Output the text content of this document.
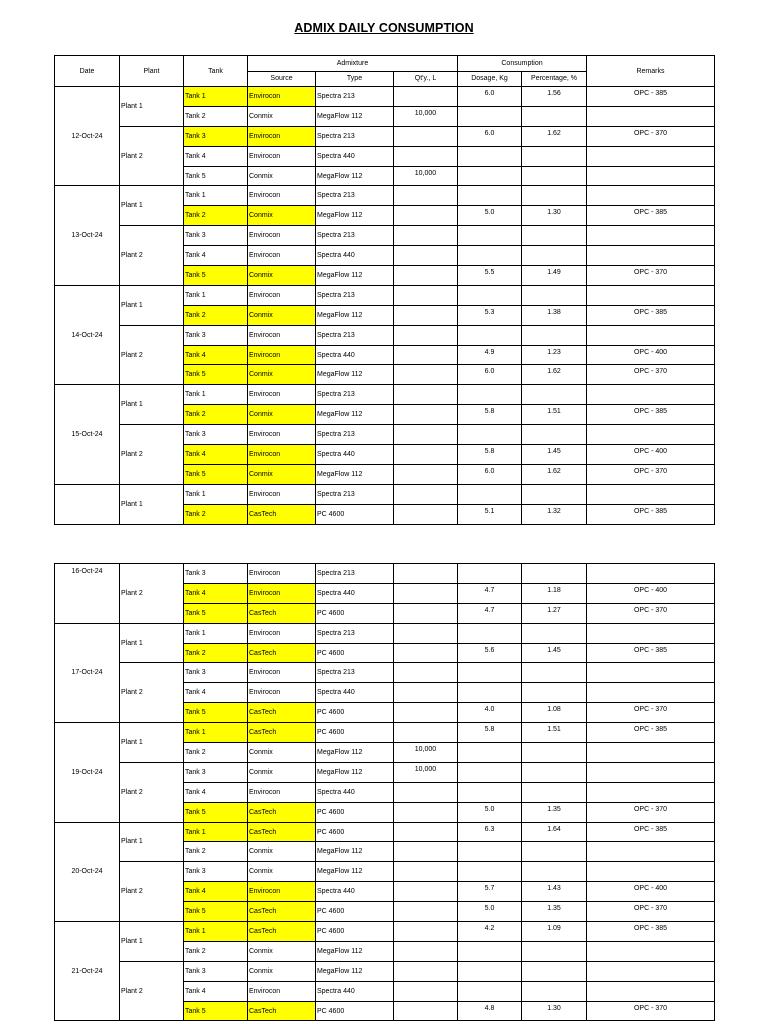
ADMIX DAILY CONSUMPTION
Date	Plant	Tank	Admixture			Consumption		Remarks
			Source	Type	Qt'y., L	Dosage, Kg	Percentage, %	
12-Oct-24	Plant 1	Tank 1	Envirocon	Spectra 213		6.0	1.56	OPC - 385
		Tank 2	Conmix	MegaFlow 112	10,000			
	Plant 2	Tank 3	Envirocon	Spectra 213		6.0	1.62	OPC - 370
		Tank 4	Envirocon	Spectra 440				
		Tank 5	Conmix	MegaFlow 112	10,000			
13-Oct-24	Plant 1	Tank 1	Envirocon	Spectra 213				
		Tank 2	Conmix	MegaFlow 112		5.0	1.30	OPC - 385
	Plant 2	Tank 3	Envirocon	Spectra 213				
		Tank 4	Envirocon	Spectra 440				
		Tank 5	Conmix	MegaFlow 112		5.5	1.49	OPC - 370
14-Oct-24	Plant 1	Tank 1	Envirocon	Spectra 213				
		Tank 2	Conmix	MegaFlow 112		5.3	1.38	OPC - 385
	Plant 2	Tank 3	Envirocon	Spectra 213				
		Tank 4	Envirocon	Spectra 440		4.9	1.23	OPC - 400
		Tank 5	Conmix	MegaFlow 112		6.0	1.62	OPC - 370
15-Oct-24	Plant 1	Tank 1	Envirocon	Spectra 213				
		Tank 2	Conmix	MegaFlow 112		5.8	1.51	OPC - 385
	Plant 2	Tank 3	Envirocon	Spectra 213				
		Tank 4	Envirocon	Spectra 440		5.8	1.45	OPC - 400
		Tank 5	Conmix	MegaFlow 112		6.0	1.62	OPC - 370
	Plant 1	Tank 1	Envirocon	Spectra 213				
		Tank 2	CasTech	PC 4600		5.1	1.32	OPC - 385
16-Oct-24	Plant 2	Tank 3	Envirocon	Spectra 213				
		Tank 4	Envirocon	Spectra 440		4.7	1.18	OPC - 400
		Tank 5	CasTech	PC 4600		4.7	1.27	OPC - 370
17-Oct-24	Plant 1	Tank 1	Envirocon	Spectra 213				
		Tank 2	CasTech	PC 4600		5.6	1.45	OPC - 385
	Plant 2	Tank 3	Envirocon	Spectra 213				
		Tank 4	Envirocon	Spectra 440				
		Tank 5	CasTech	PC 4600		4.0	1.08	OPC - 370
19-Oct-24	Plant 1	Tank 1	CasTech	PC 4600		5.8	1.51	OPC - 385
		Tank 2	Conmix	MegaFlow 112	10,000			
	Plant 2	Tank 3	Conmix	MegaFlow 112	10,000			
		Tank 4	Envirocon	Spectra 440				
		Tank 5	CasTech	PC 4600		5.0	1.35	OPC - 370
20-Oct-24	Plant 1	Tank 1	CasTech	PC 4600		6.3	1.64	OPC - 385
		Tank 2	Conmix	MegaFlow 112				
	Plant 2	Tank 3	Conmix	MegaFlow 112				
		Tank 4	Envirocon	Spectra 440		5.7	1.43	OPC - 400
		Tank 5	CasTech	PC 4600		5.0	1.35	OPC - 370
21-Oct-24	Plant 1	Tank 1	CasTech	PC 4600		4.2	1.09	OPC - 385
		Tank 2	Conmix	MegaFlow 112				
	Plant 2	Tank 3	Conmix	MegaFlow 112				
		Tank 4	Envirocon	Spectra 440				
		Tank 5	CasTech	PC 4600		4.8	1.30	OPC - 370
